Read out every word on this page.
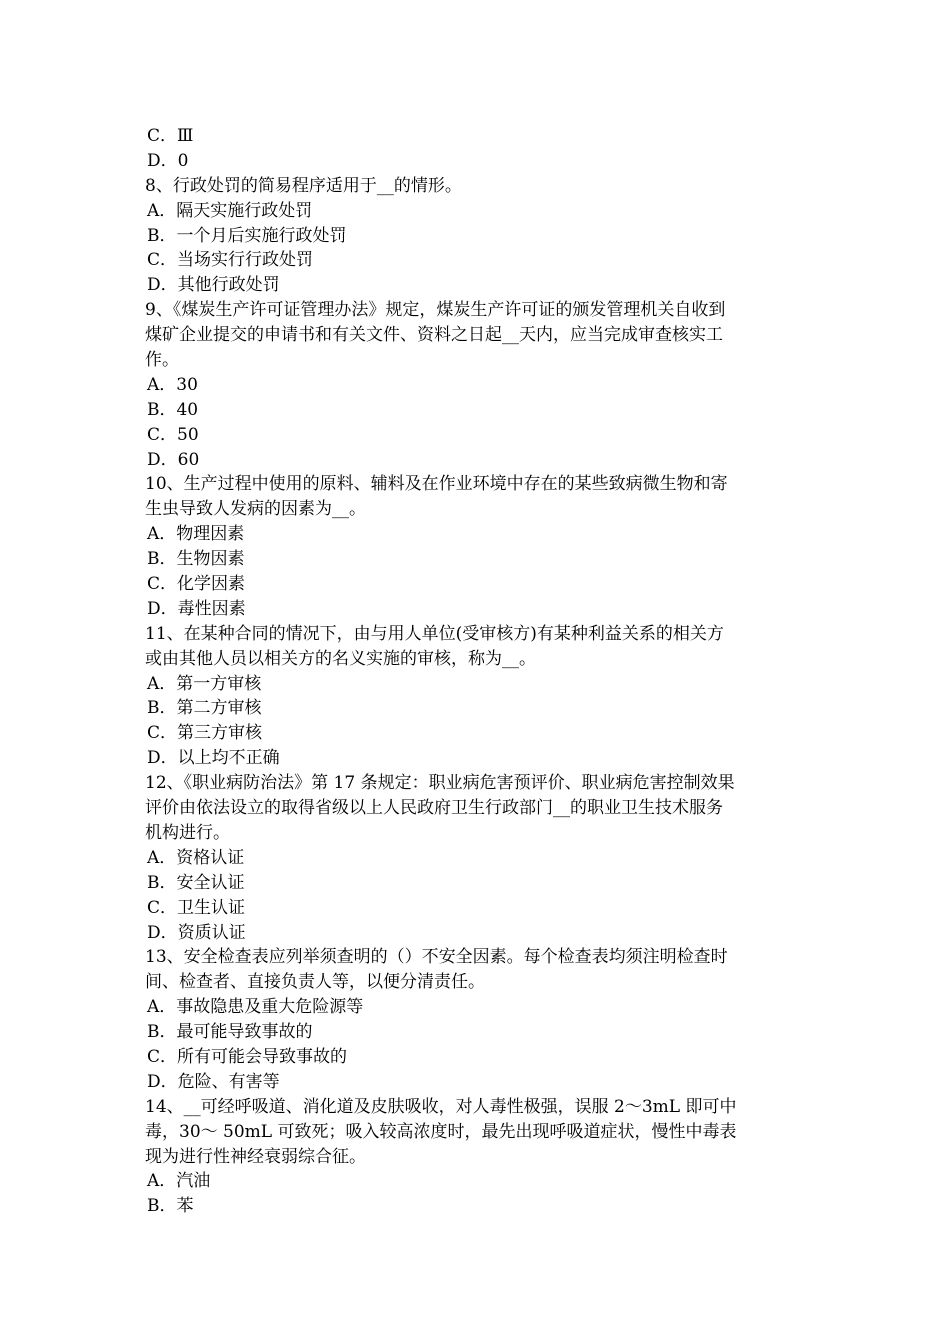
C．Ⅲ
D．0
8、行政处罚的简易程序适用于__的情形。
A．隔天实施行政处罚
B．一个月后实施行政处罚
C．当场实行行政处罚
D．其他行政处罚
9、《煤炭生产许可证管理办法》规定，煤炭生产许可证的颁发管理机关自收到
煤矿企业提交的申请书和有关文件、资料之日起__天内，应当完成审查核实工
作。
A．30
B．40
C．50
D．60
10、生产过程中使用的原料、辅料及在作业环境中存在的某些致病微生物和寄
生虫导致人发病的因素为__。
A．物理因素
B．生物因素
C．化学因素
D．毒性因素
11、在某种合同的情况下，由与用人单位(受审核方)有某种利益关系的相关方
或由其他人员以相关方的名义实施的审核，称为__。
A．第一方审核
B．第二方审核
C．第三方审核
D．以上均不正确
12、《职业病防治法》第 17 条规定：职业病危害预评价、职业病危害控制效果
评价由依法设立的取得省级以上人民政府卫生行政部门__的职业卫生技术服务
机构进行。
A．资格认证
B．安全认证
C．卫生认证
D．资质认证
13、安全检查表应列举须查明的（）不安全因素。每个检查表均须注明检查时
间、检查者、直接负责人等，以便分清责任。
A．事故隐患及重大危险源等
B．最可能导致事故的
C．所有可能会导致事故的
D．危险、有害等
14、__可经呼吸道、消化道及皮肤吸收，对人毒性极强，误服 2～3mL 即可中
毒，30～ 50mL 可致死；吸入较高浓度时，最先出现呼吸道症状，慢性中毒表
现为进行性神经衰弱综合征。
A．汽油
B．苯
